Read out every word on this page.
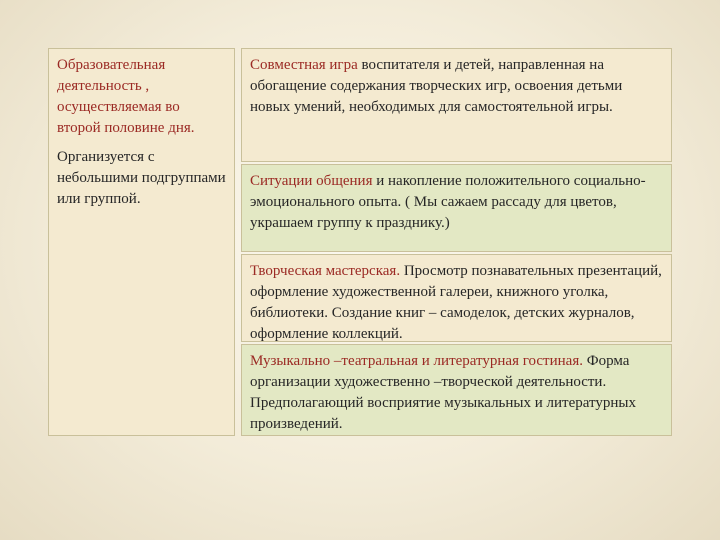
Образовательная деятельность , осуществляемая во второй половине дня.

Организуется с небольшими подгруппами или группой.

Совместная игра воспитателя и детей, направленная на обогащение содержания творческих игр, освоения детьми новых умений, необходимых для самостоятельной игры.

Ситуации общения и накопление положительного социально- эмоционального опыта. ( Мы сажаем рассаду для цветов, украшаем группу к празднику.)

Творческая мастерская. Просмотр познавательных презентаций, оформление художественной галереи, книжного уголка, библиотеки. Создание книг – самоделок, детских журналов, оформление коллекций.

Музыкально –театральная и литературная гостиная. Форма организации художественно –творческой деятельности. Предполагающий восприятие музыкальных и литературных произведений.
